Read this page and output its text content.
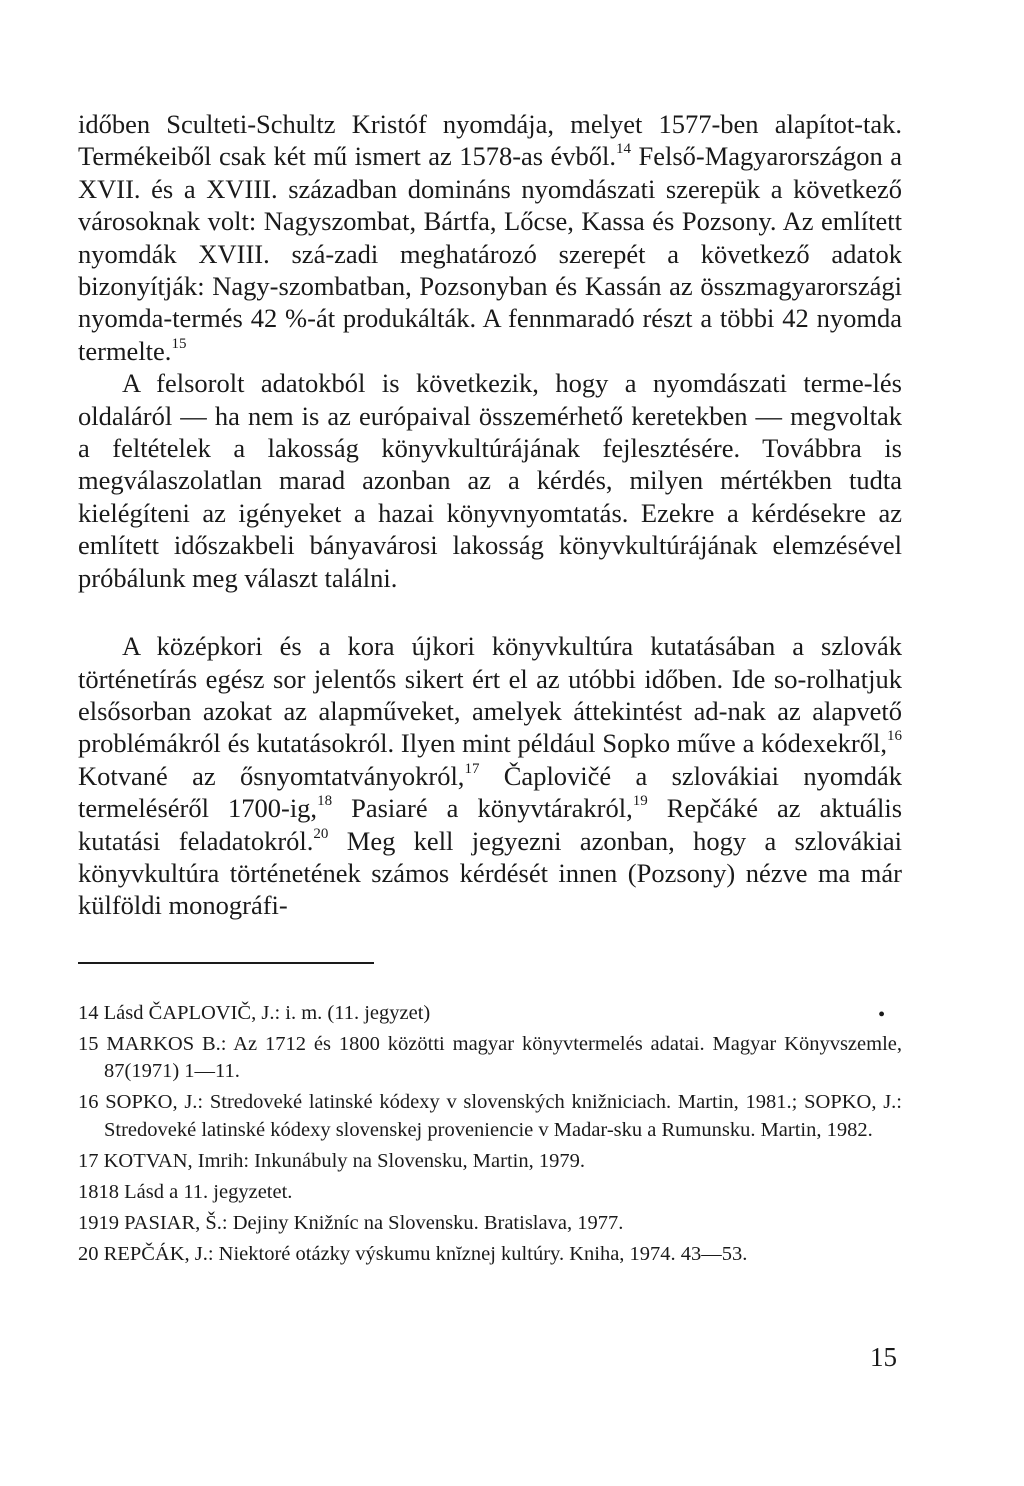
időben Sculteti-Schultz Kristóf nyomdája, melyet 1577-ben alapítot-tak. Termékeiből csak két mű ismert az 1578-as évből.$^{14}$ Felső-Magyarországon a XVII. és a XVIII. században domináns nyomdászati szerepük a következő városoknak volt: Nagyszombat, Bártfa, Lőcse, Kassa és Pozsony. Az említett nyomdák XVIII. szá-zadi meghatározó szerepét a következő adatok bizonyítják: Nagy-szombatban, Pozsonyban és Kassán az összmagyarországi nyomda-termés 42 %-át produkálták. A fennmaradó részt a többi 42 nyomda termelte.$^{15}$

A felsorolt adatokból is következik, hogy a nyomdászati terme-lés oldaláról — ha nem is az európaival összemérhető keretekben — megvoltak a feltételek a lakosság könyvkultúrájának fejlesztésére. Továbbra is megválaszolatlan marad azonban az a kérdés, milyen mértékben tudta kielégíteni az igényeket a hazai könyvnyomtatás. Ezekre a kérdésekre az említett időszakbeli bányavárosi lakosság könyvkultúrájának elemzésével próbálunk meg választ találni.

A középkori és a kora újkori könyvkultúra kutatásában a szlovák történetírás egész sor jelentős sikert ért el az utóbbi időben. Ide so-rolhatjuk elsősorban azokat az alapműveket, amelyek áttekintést ad-nak az alapvető problémákról és kutatásokról. Ilyen mint például Sopko műve a kódexekről,$^{16}$ Kotvané az ősnyomtatványokról,$^{17}$ Čaplovičé a szlovákiai nyomdák termeléséről 1700-ig,$^{18}$ Pasiaré a könyvtárakról,$^{19}$ Repčáké az aktuális kutatási feladatokról.$^{20}$ Meg kell jegyezni azonban, hogy a szlovákiai könyvkultúra történetének számos kérdését innen (Pozsony) nézve ma már külföldi monográfi-

14 Lásd ČAPLOVIČ, J.: i. m. (11. jegyzet)	•

15 MARKOS B.: Az 1712 és 1800 közötti magyar könyvtermelés adatai. Magyar Könyvszemle, 87(1971) 1—11.

16 SOPKO, J.: Stredoveké latinské kódexy v slovenských knižniciach. Martin, 1981.; SOPKO, J.: Stredoveké latinské kódexy slovenskej proveniencie v Madar-sku a Rumunsku. Martin, 1982.

17 KOTVAN, Imrih: Inkunábuly na Slovensku, Martin, 1979.

1818 Lásd a 11. jegyzetet.

1919 PASIAR, Š.: Dejiny Knižníc na Slovensku. Bratislava, 1977.

20 REPČÁK, J.: Niektoré otázky výskumu knĭznej kultúry. Kniha, 1974. 43—53.

15
